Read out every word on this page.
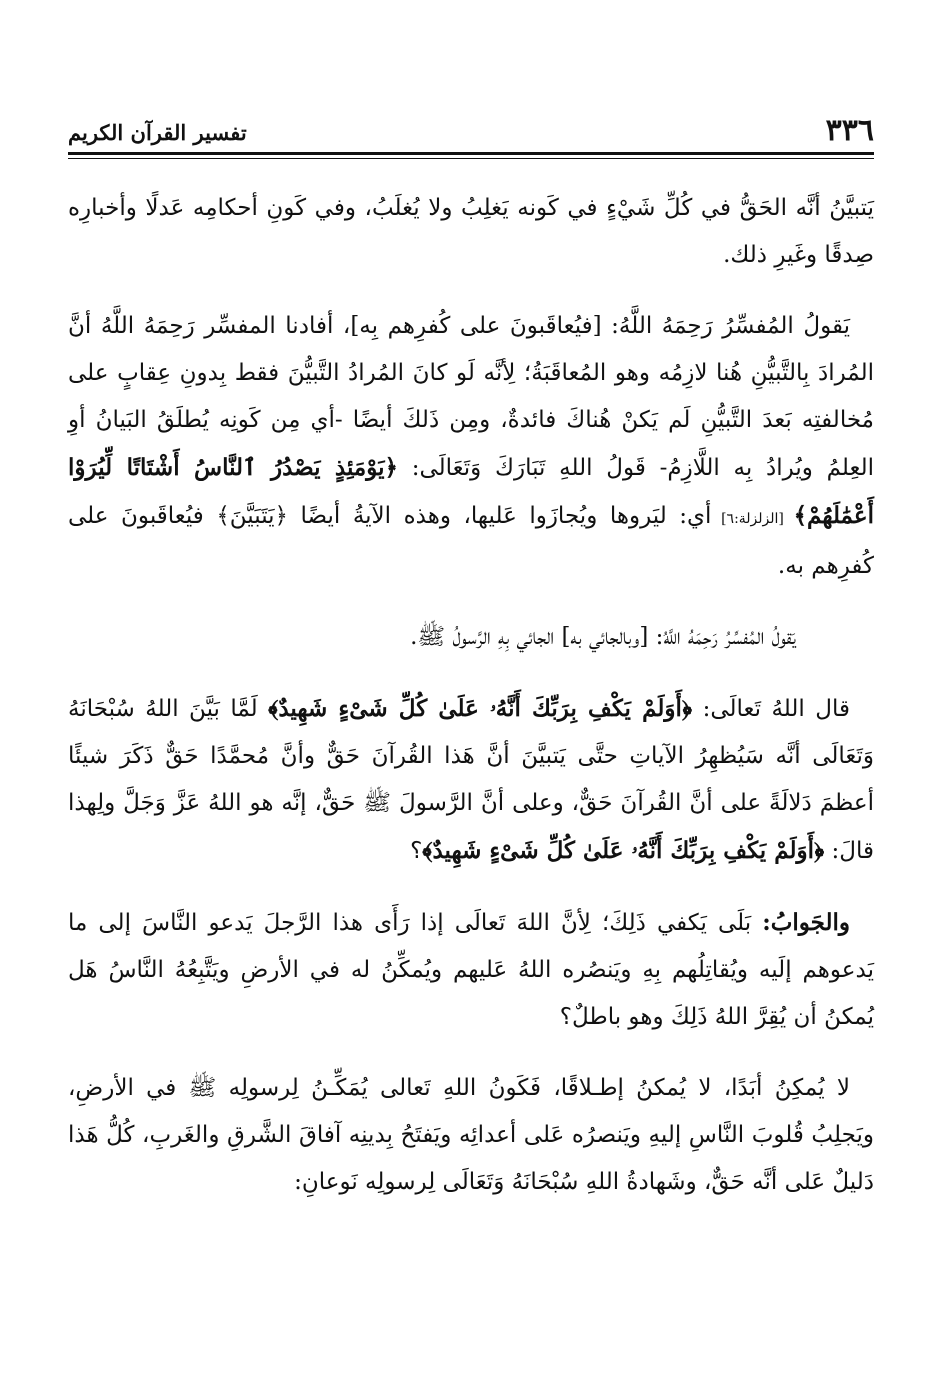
٣٣٦
تفسير القرآن الكريم

يَتبيَّنُ أنَّه الحَقُّ في كُلِّ شَيْءٍ في كَونه يَغلِبُ ولا يُغلَبُ، وفي كَونِ أحكامِه عَدلًا وأخبارِه صِدقًا وغَيرِ ذلك.

يَقولُ المُفسِّرُ رَحِمَهُ اللَّهُ: [فيُعاقَبونَ على كُفرِهم بِه]، أفادنا المفسِّر رَحِمَهُ اللَّهُ أنَّ المُرادَ بِالتَّبيُّنِ هُنا لازِمُه وهو المُعاقَبَةُ؛ لِأنَّه لَو كانَ المُرادُ التَّبيُّنَ فقط بِدونِ عِقابٍ على مُخالفتِه بَعدَ التَّبيُّنِ لَم يَكنْ هُناكَ فائدةٌ، ومِن ذَلكَ أيضًا -أي مِن كَونِه يُطلَقُ البَيانُ أوِ العِلمُ ويُرادُ بِه اللَّازِمُ- قَولُ اللهِ تَبَارَكَ وَتَعَالَى: ﴿يَوْمَئِذٍ يَصْدُرُ ٱلنَّاسُ أَشْتَاتًا لِّيُرَوْا أَعْمَٰلَهُمْ﴾ [الزلزلة:٦] أي: ليَروها ويُجازَوا عَليها، وهذه الآيةُ أيضًا ﴿يَتَبَيَّنَ﴾ فيُعاقَبونَ على كُفرِهم به.

يَقولُ المُفسِّرُ رَحِمَهُ اللَّهُ: [وبالجائي به] الجائي بِهِ الرَّسولُ ﷺ.

قال اللهُ تَعالَى: ﴿أَوَلَمْ يَكْفِ بِرَبِّكَ أَنَّهُۥ عَلَىٰ كُلِّ شَىْءٍ شَهِيدٌ﴾ لَمَّا بَيَّنَ اللهُ سُبْحَانَهُ وَتَعَالَى أنَّه سَيُظهِرُ الآياتِ حتَّى يَتبيَّنَ أنَّ هَذا القُرآنَ حَقٌّ وأنَّ مُحمَّدًا حَقٌّ ذَكَرَ شيئًا أعظمَ دَلالَةً على أنَّ القُرآنَ حَقٌّ، وعلى أنَّ الرَّسولَ ﷺ حَقٌّ، إنَّه هو اللهُ عَزَّ وَجَلَّ ولِهذا قالَ: ﴿أَوَلَمْ يَكْفِ بِرَبِّكَ أَنَّهُۥ عَلَىٰ كُلِّ شَىْءٍ شَهِيدٌ﴾؟

والجَوابُ: بَلَى يَكفي ذَلِكَ؛ لِأنَّ اللهَ تَعالَى إذا رَأَى هذا الرَّجلَ يَدعو النَّاسَ إلى ما يَدعوهم إلَيه ويُقاتِلُهم بِهِ ويَنصُره اللهُ عَليهم ويُمكِّنُ له في الأرضِ ويَتَّبِعُهُ النَّاسُ هَل يُمكنُ أن يُقِرَّ اللهُ ذَلِكَ وهو باطلٌ؟

لا يُمكِنُ أبَدًا، لا يُمكنُ إطـلاقًا، فَكَونُ اللهِ تَعالى يُمَكِّـنُ لِرسولِه ﷺ في الأرضِ، ويَجلِبُ قُلوبَ النَّاسِ إليهِ ويَنصرُه عَلى أعدائِه ويَفتَحُ بِدينِه آفاقَ الشَّرقِ والغَربِ، كُلُّ هَذا دَليلٌ عَلى أنَّه حَقٌّ، وشَهادةُ اللهِ سُبْحَانَهُ وَتَعَالَى لِرسولِه نَوعانِ:
